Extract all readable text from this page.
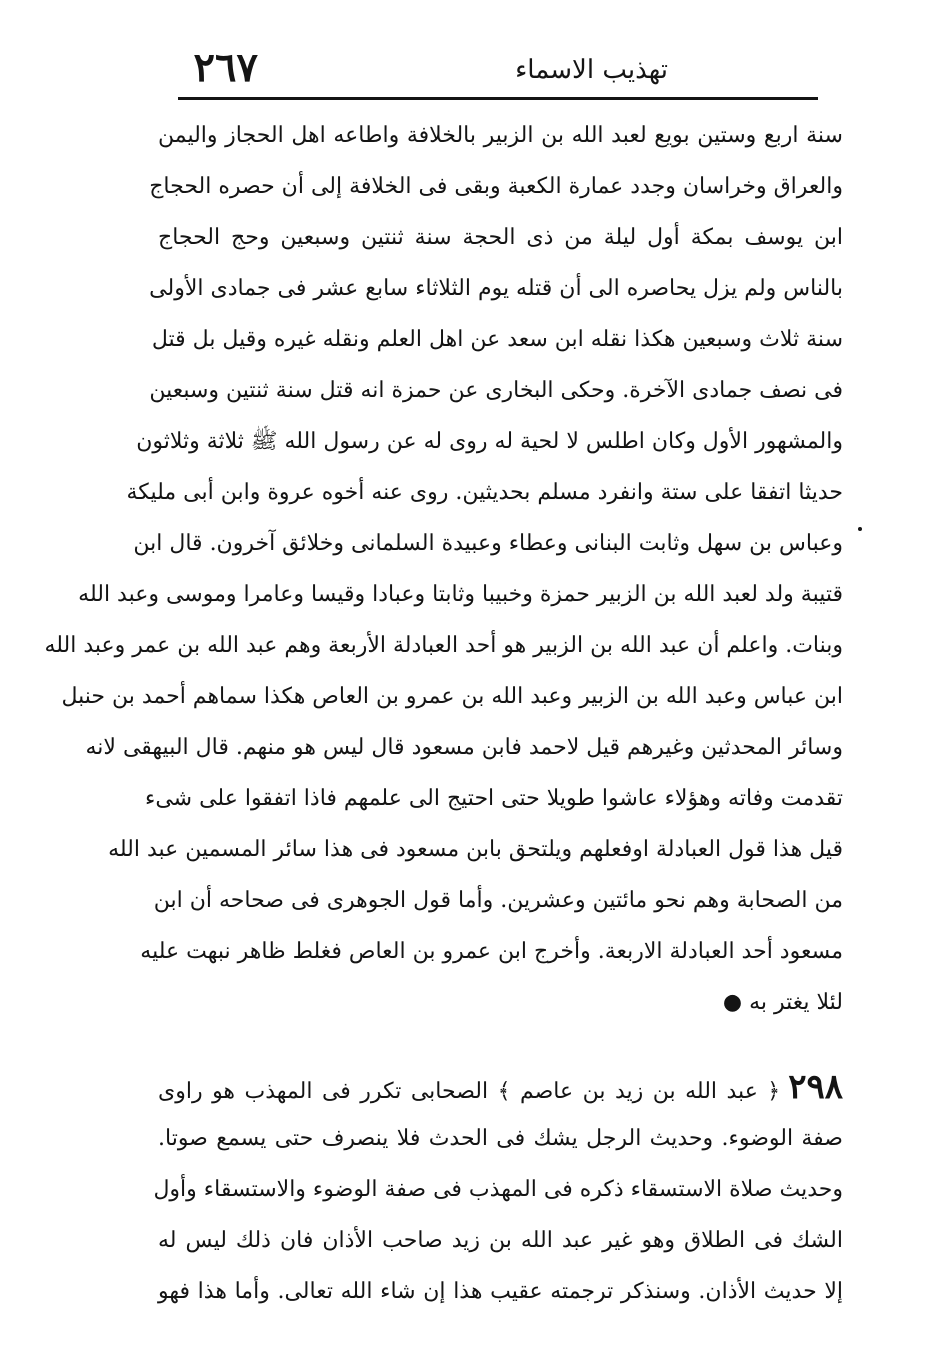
٢٦٧	تهذيب الاسماء
سنة اربع وستين بويع لعبد الله بن الزبير بالخلافة واطاعه اهل الحجاز واليمن
والعراق وخراسان وجدد عمارة الكعبة وبقى فى الخلافة إلى أن حصره الحجاج
ابن يوسف بمكة أول ليلة من ذى الحجة سنة ثنتين وسبعين وحج الحجاج
بالناس ولم يزل يحاصره الى أن قتله يوم الثلاثاء سابع عشر فى جمادى الأولى
سنة ثلاث وسبعين هكذا نقله ابن سعد عن اهل العلم ونقله غيره وقيل بل قتل
فى نصف جمادى الآخرة. وحكى البخارى عن حمزة انه قتل سنة ثنتين وسبعين
والمشهور الأول وكان اطلس لا لحية له روى له عن رسول الله ﷺ ثلاثة وثلاثون
حديثا اتفقا على ستة وانفرد مسلم بحديثين. روى عنه أخوه عروة وابن أبى مليكة
وعباس بن سهل وثابت البنانى وعطاء وعبيدة السلمانى وخلائق آخرون. قال ابن
قتيبة ولد لعبد الله بن الزبير حمزة وخبيبا وثابتا وعبادا وقيسا وعامرا وموسى وعبد الله
وبنات. واعلم أن عبد الله بن الزبير هو أحد العبادلة الأربعة وهم عبد الله بن عمر وعبد الله
ابن عباس وعبد الله بن الزبير وعبد الله بن عمرو بن العاص هكذا سماهم أحمد بن حنبل
وسائر المحدثين وغيرهم قيل لاحمد فابن مسعود قال ليس هو منهم. قال البيهقى لانه
تقدمت وفاته وهؤلاء عاشوا طويلا حتى احتيج الى علمهم فاذا اتفقوا على شىء
قيل هذا قول العبادلة اوفعلهم ويلتحق بابن مسعود فى هذا سائر المسمين عبد الله
من الصحابة وهم نحو مائتين وعشرين. وأما قول الجوهرى فى صحاحه أن ابن
مسعود أحد العبادلة الاربعة. وأخرج ابن عمرو بن العاص فغلط ظاهر نبهت عليه
لئلا يغتر به ●
٢٩٨﴿ عبد الله بن زيد بن عاصم ﴾ الصحابى تكرر فى المهذب هو راوى
صفة الوضوء. وحديث الرجل يشك فى الحدث فلا ينصرف حتى يسمع صوتا.
وحديث صلاة الاستسقاء ذكره فى المهذب فى صفة الوضوء والاستسقاء وأول
الشك فى الطلاق وهو غير عبد الله بن زيد صاحب الأذان فان ذلك ليس له
إلا حديث الأذان. وسنذكر ترجمته عقيب هذا إن شاء الله تعالى. وأما هذا فهو
